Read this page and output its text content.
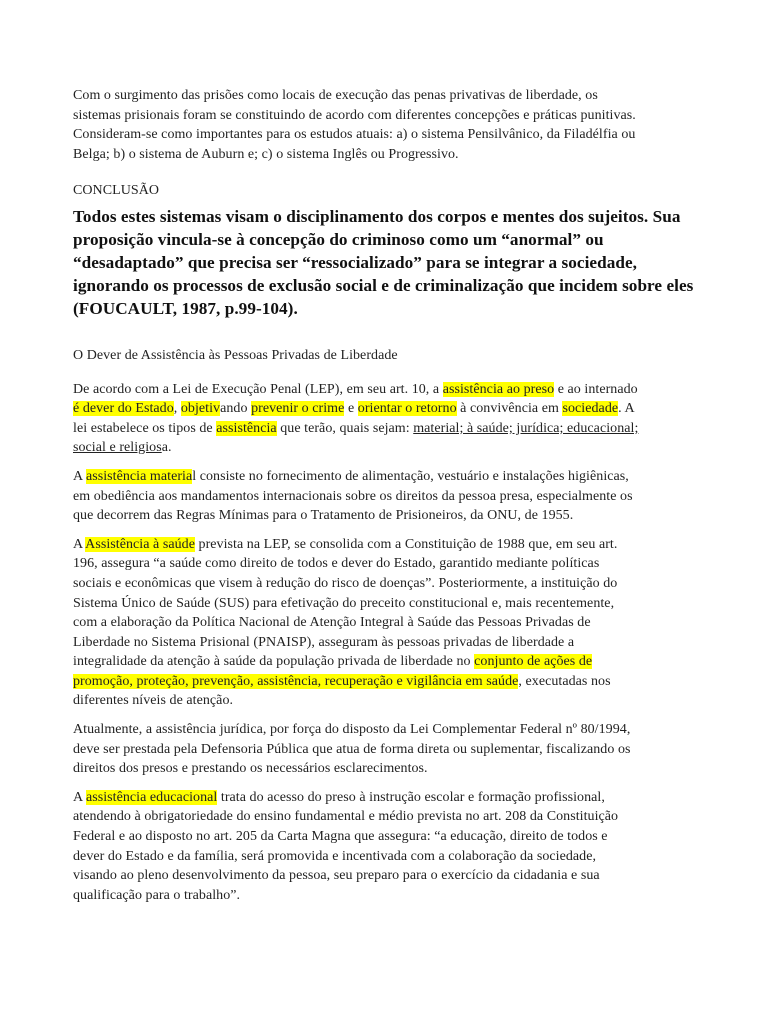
Com o surgimento das prisões como locais de execução das penas privativas de liberdade, os
sistemas prisionais foram se constituindo de acordo com diferentes concepções e práticas punitivas.
Consideram-se como importantes para os estudos atuais: a) o sistema Pensilvânico, da Filadélfia ou
Belga; b) o sistema de Auburn e; c) o sistema Inglês ou Progressivo.

CONCLUSÃO

Todos estes sistemas visam o disciplinamento dos corpos e mentes dos sujeitos. Sua
proposição vincula-se à concepção do criminoso como um “anormal” ou
“desadaptado” que precisa ser “ressocializado” para se integrar a sociedade,
ignorando os processos de exclusão social e de criminalização que incidem sobre eles
(FOUCAULT, 1987, p.99-104).

O Dever de Assistência às Pessoas Privadas de Liberdade

De acordo com a Lei de Execução Penal (LEP), em seu art. 10, a assistência ao preso e ao internado
é dever do Estado, objetivando prevenir o crime e orientar o retorno à convivência em sociedade. A
lei estabelece os tipos de assistência que terão, quais sejam: material; à saúde; jurídica; educacional;
social e religiosa.

A assistência material consiste no fornecimento de alimentação, vestuário e instalações higiênicas,
em obediência aos mandamentos internacionais sobre os direitos da pessoa presa, especialmente os
que decorrem das Regras Mínimas para o Tratamento de Prisioneiros, da ONU, de 1955.

A Assistência à saúde prevista na LEP, se consolida com a Constituição de 1988 que, em seu art.
196, assegura “a saúde como direito de todos e dever do Estado, garantido mediante políticas
sociais e econômicas que visem à redução do risco de doenças”. Posteriormente, a instituição do
Sistema Único de Saúde (SUS) para efetivação do preceito constitucional e, mais recentemente,
com a elaboração da Política Nacional de Atenção Integral à Saúde das Pessoas Privadas de
Liberdade no Sistema Prisional (PNAISP), asseguram às pessoas privadas de liberdade a
integralidade da atenção à saúde da população privada de liberdade no conjunto de ações de
promoção, proteção, prevenção, assistência, recuperação e vigilância em saúde, executadas nos
diferentes níveis de atenção.

Atualmente, a assistência jurídica, por força do disposto da Lei Complementar Federal nº 80/1994,
deve ser prestada pela Defensoria Pública que atua de forma direta ou suplementar, fiscalizando os
direitos dos presos e prestando os necessários esclarecimentos.

A assistência educacional trata do acesso do preso à instrução escolar e formação profissional,
atendendo à obrigatoriedade do ensino fundamental e médio prevista no art. 208 da Constituição
Federal e ao disposto no art. 205 da Carta Magna que assegura: “a educação, direito de todos e
dever do Estado e da família, será promovida e incentivada com a colaboração da sociedade,
visando ao pleno desenvolvimento da pessoa, seu preparo para o exercício da cidadania e sua
qualificação para o trabalho”.
